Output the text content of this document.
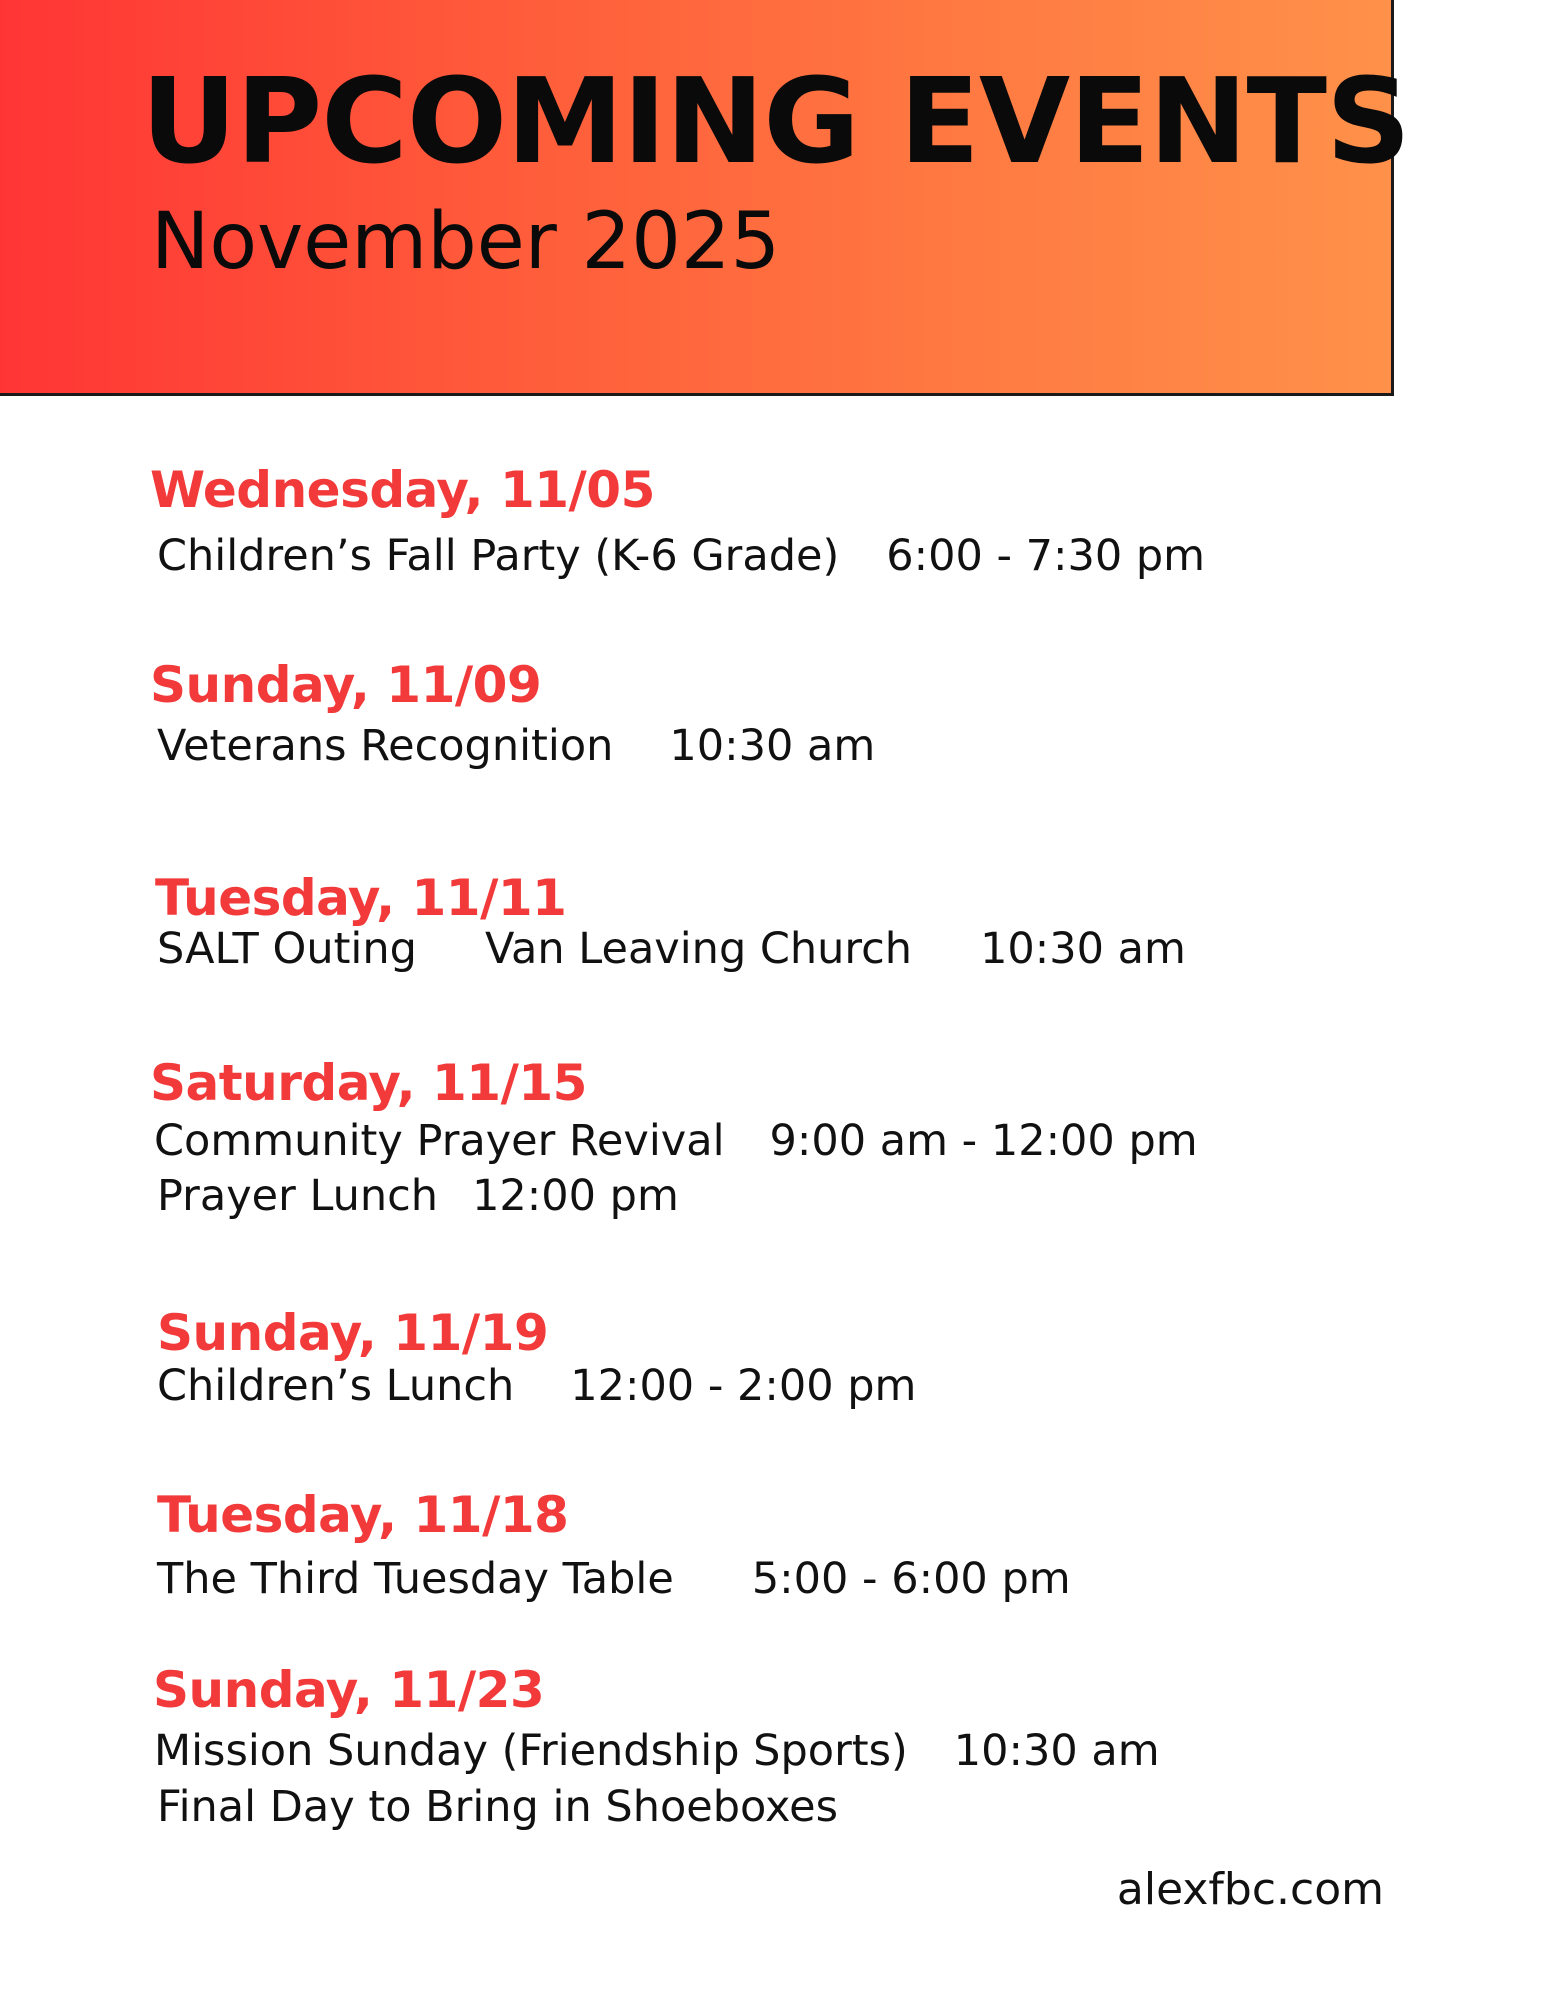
UPCOMING EVENTS
November 2025
Wednesday, 11/05

Children’s Fall Party (K-6 Grade) 6:00 - 7:30 pm

Sunday, 11/09

Veterans Recognition 10:30 am

Tuesday, 11/11

SALT Outing Van Leaving Church 10:30 am

Saturday, 11/15

Community Prayer Revival 9:00 am - 12:00 pm

Prayer Lunch 12:00 pm

Sunday, 11/19

Children’s Lunch 12:00 - 2:00 pm

Tuesday, 11/18

The Third Tuesday Table 5:00 - 6:00 pm

Sunday, 11/23

Mission Sunday (Friendship Sports) 10:30 am

Final Day to Bring in Shoeboxes

alexfbc.com
